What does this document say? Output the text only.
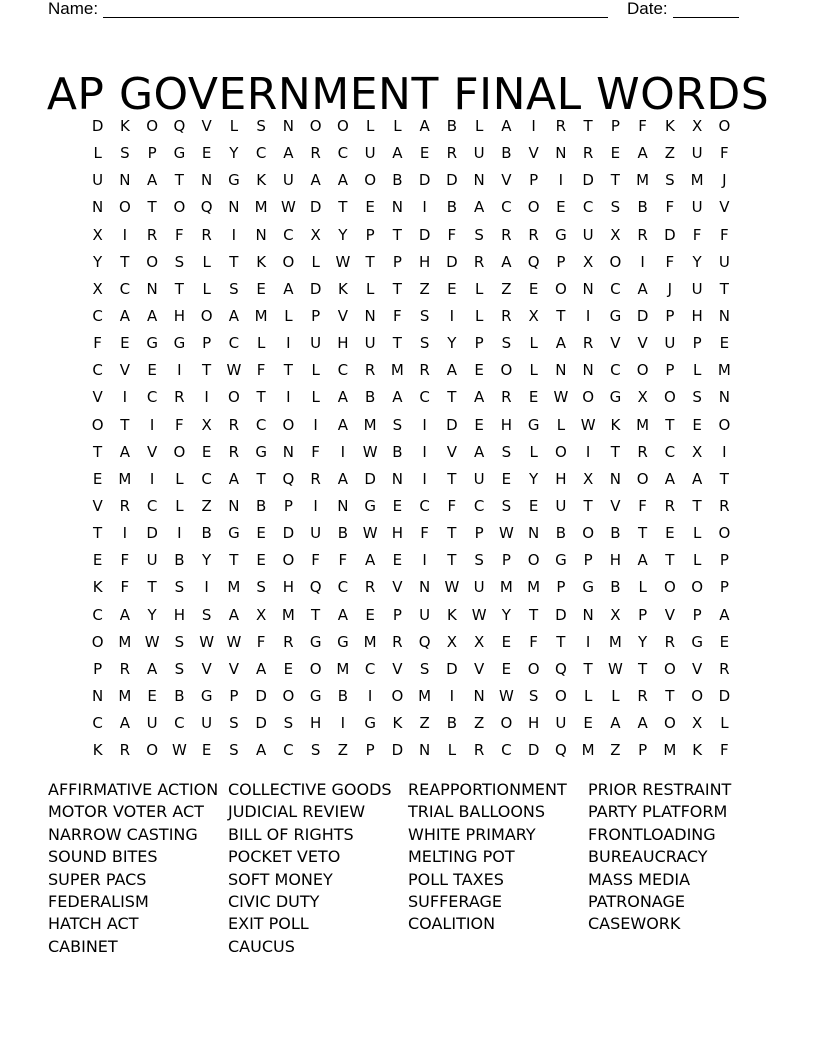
Name:	Date:
AP GOVERNMENT FINAL WORDS
D	K	O	Q	V	L	S	N	O	O	L	L	A	B	L	A	I	R	T	P	F	K	X	O
L	S	P	G	E	Y	C	A	R	C	U	A	E	R	U	B	V	N	R	E	A	Z	U	F
U	N	A	T	N	G	K	U	A	A	O	B	D	D	N	V	P	I	D	T	M	S	M	J
N	O	T	O	Q	N	M W D	T	E	N	I	B	A	C	O	E	C	S	B	F	U	V
X	I	R	F	R	I	N	C	X	Y	P	T	D	F	S	R	R	G	U	X	R	D	F	F
Y	T	O	S	L	T	K	O	L	W	T	P	H	D	R	A	Q	P	X	O	I	F	Y	U
X	C	N	T	L	S	E	A	D	K	L	T	Z	E	L	Z	E	O	N	C	A	J	U	T
C	A	A	H	O	A	M	L	P	V	N	F	S	I	L	R	X	T	I	G	D	P	H	N
F	E	G	G	P	C	L	I	U	H	U	T	S	Y	P	S	L	A	R	V	V	U	P	E
C	V	E	I	T	W	F	T	L	C	R	M	R	A	E	O	L	N	N	C	O	P	L	M
V	I	C	R	I	O	T	I	L	A	B	A	C	T	A	R	E	W O	G	X	O	S	N
O	T	I	F	X	R	C	O	I	A	M	S	I	D	E	H	G	L	W K	M	T	E	O
T	A	V	O	E	R	G	N	F	I	W B	I	V	A	S	L	O	I	T	R	C	X	I
E	M	I	L	C	A	T	Q	R	A	D	N	I	T	U	E	Y	H	X	N	O	A	A	T
V	R	C	L	Z	N	B	P	I	N	G	E	C	F	C	S	E	U	T	V	F	R	T	R
T	I	D	I	B	G	E	D	U	B W H	F	T	P	W N	B	O	B	T	E	L	O
E	F	U	B	Y	T	E	O	F	F	A	E	I	T	S	P	O	G	P	H	A	T	L	P
K	F	T	S	I	M	S	H	Q	C	R	V	N W U	M M	P	G	B	L	O	O	P
C	A	Y	H	S	A	X	M	T	A	E	P	U	K W	Y	T	D	N	X	P	V	P	A
O M W	S	W W	F	R	G	G M	R	Q	X	X	E	F	T	I	M	Y	R	G	E
P	R	A	S	V	V	A	E	O M	C	V	S	D	V	E	O	Q	T	W	T	O	V	R
N	M	E	B	G	P	D	O	G	B	I	O M	I	N W	S	O	L	L	R	T	O	D
C	A	U	C	U	S	D	S	H	I	G	K	Z	B	Z	O	H	U	E	A	A	O	X	L
K	R	O W	E	S	A	C	S	Z	P	D	N	L	R	C	D	Q M	Z	P	M	K	F
AFFIRMATIVE ACTION
MOTOR VOTER ACT
NARROW CASTING
SOUND BITES
SUPER PACS
FEDERALISM
HATCH ACT
CABINET
COLLECTIVE GOODS
JUDICIAL REVIEW
BILL OF RIGHTS
POCKET VETO
SOFT MONEY
CIVIC DUTY
EXIT POLL
CAUCUS
REAPPORTIONMENT
TRIAL BALLOONS
WHITE PRIMARY
MELTING POT
POLL TAXES
SUFFERAGE
COALITION
PRIOR RESTRAINT
PARTY PLATFORM
FRONTLOADING
BUREAUCRACY
MASS MEDIA
PATRONAGE
CASEWORK
